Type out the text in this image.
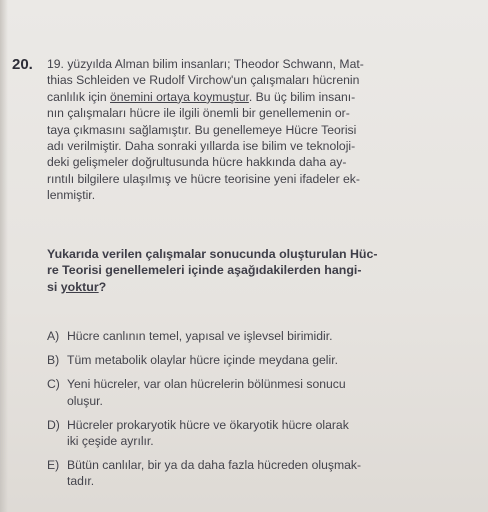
20. 19. yüzyılda Alman bilim insanları; Theodor Schwann, Mat-
thias Schleiden ve Rudolf Virchow'un çalışmaları hücrenin
canlılık için önemini ortaya koymuştur. Bu üç bilim insanı-
nın çalışmaları hücre ile ilgili önemli bir genellemenin or-
taya çıkmasını sağlamıştır. Bu genellemeye Hücre Teorisi
adı verilmiştir. Daha sonraki yıllarda ise bilim ve teknoloji-
deki gelişmeler doğrultusunda hücre hakkında daha ay-
rıntılı bilgilere ulaşılmış ve hücre teorisine yeni ifadeler ek-
lenmiştir.
Yukarıda verilen çalışmalar sonucunda oluşturulan Hüc-
re Teorisi genellemeleri içinde aşağıdakilerden hangi-
si yoktur?
A) Hücre canlının temel, yapısal ve işlevsel birimidir.
B) Tüm metabolik olaylar hücre içinde meydana gelir.
C) Yeni hücreler, var olan hücrelerin bölünmesi sonucu
oluşur.
D) Hücreler prokaryotik hücre ve ökaryotik hücre olarak
iki çeşide ayrılır.
E) Bütün canlılar, bir ya da daha fazla hücreden oluşmak-
tadır.
